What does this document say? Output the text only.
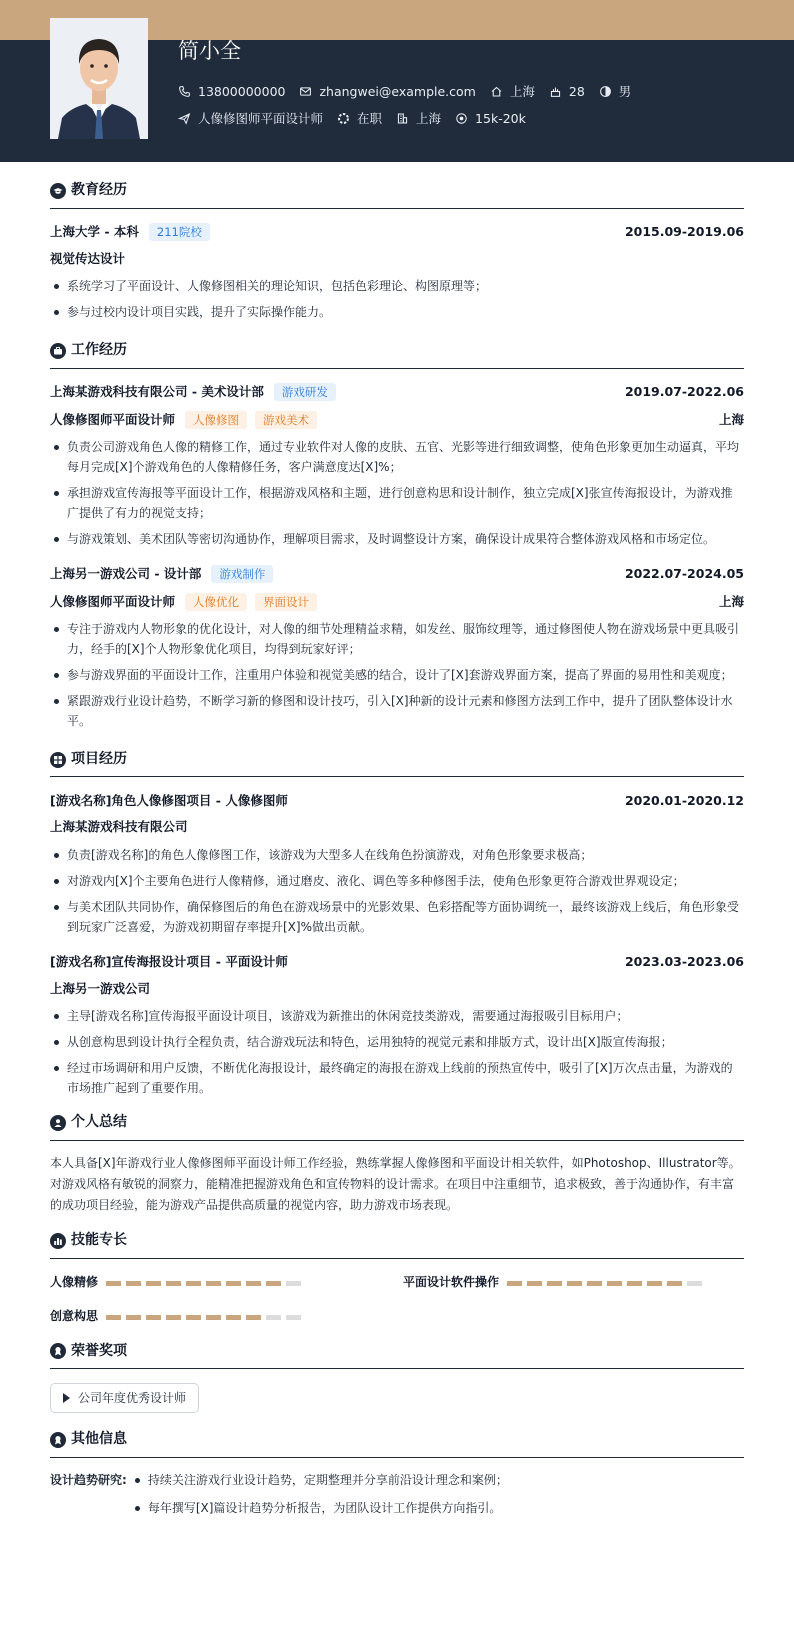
简小全
13800000000	zhangwei@example.com	上海	28	男
人像修图师平面设计师	在职	上海	15k-20k
教育经历
上海大学 - 本科	211院校	2015.09-2019.06
视觉传达设计
系统学习了平面设计、人像修图相关的理论知识，包括色彩理论、构图原理等；
参与过校内设计项目实践，提升了实际操作能力。
工作经历
上海某游戏科技有限公司 - 美术设计部	游戏研发	2019.07-2022.06
人像修图师平面设计师	人像修图	游戏美术	上海
负责公司游戏角色人像的精修工作，通过专业软件对人像的皮肤、五官、光影等进行细致调整，使角色形象更加生动逼真，平均每月完成[X]个游戏角色的人像精修任务，客户满意度达[X]%；
承担游戏宣传海报等平面设计工作，根据游戏风格和主题，进行创意构思和设计制作，独立完成[X]张宣传海报设计，为游戏推广提供了有力的视觉支持；
与游戏策划、美术团队等密切沟通协作，理解项目需求，及时调整设计方案，确保设计成果符合整体游戏风格和市场定位。
上海另一游戏公司 - 设计部	游戏制作	2022.07-2024.05
人像修图师平面设计师	人像优化	界面设计	上海
专注于游戏内人物形象的优化设计，对人像的细节处理精益求精，如发丝、服饰纹理等，通过修图使人物在游戏场景中更具吸引力，经手的[X]个人物形象优化项目，均得到玩家好评；
参与游戏界面的平面设计工作，注重用户体验和视觉美感的结合，设计了[X]套游戏界面方案，提高了界面的易用性和美观度；
紧跟游戏行业设计趋势，不断学习新的修图和设计技巧，引入[X]种新的设计元素和修图方法到工作中，提升了团队整体设计水平。
项目经历
[游戏名称]角色人像修图项目 - 人像修图师	2020.01-2020.12
上海某游戏科技有限公司
负责[游戏名称]的角色人像修图工作，该游戏为大型多人在线角色扮演游戏，对角色形象要求极高；
对游戏内[X]个主要角色进行人像精修，通过磨皮、液化、调色等多种修图手法，使角色形象更符合游戏世界观设定；
与美术团队共同协作，确保修图后的角色在游戏场景中的光影效果、色彩搭配等方面协调统一，最终该游戏上线后，角色形象受到玩家广泛喜爱，为游戏初期留存率提升[X]%做出贡献。
[游戏名称]宣传海报设计项目 - 平面设计师	2023.03-2023.06
上海另一游戏公司
主导[游戏名称]宣传海报平面设计项目，该游戏为新推出的休闲竞技类游戏，需要通过海报吸引目标用户；
从创意构思到设计执行全程负责，结合游戏玩法和特色，运用独特的视觉元素和排版方式，设计出[X]版宣传海报；
经过市场调研和用户反馈，不断优化海报设计，最终确定的海报在游戏上线前的预热宣传中，吸引了[X]万次点击量，为游戏的市场推广起到了重要作用。
个人总结

本人具备[X]年游戏行业人像修图师平面设计师工作经验，熟练掌握人像修图和平面设计相关软件，如Photoshop、Illustrator等。对游戏风格有敏锐的洞察力，能精准把握游戏角色和宣传物料的设计需求。在项目中注重细节，追求极致，善于沟通协作，有丰富的成功项目经验，能为游戏产品提供高质量的视觉内容，助力游戏市场表现。

技能专长
人像精修	平面设计软件操作
创意构思
荣誉奖项
公司年度优秀设计师
其他信息
设计趋势研究:	持续关注游戏行业设计趋势，定期整理并分享前沿设计理念和案例；
每年撰写[X]篇设计趋势分析报告，为团队设计工作提供方向指引。
